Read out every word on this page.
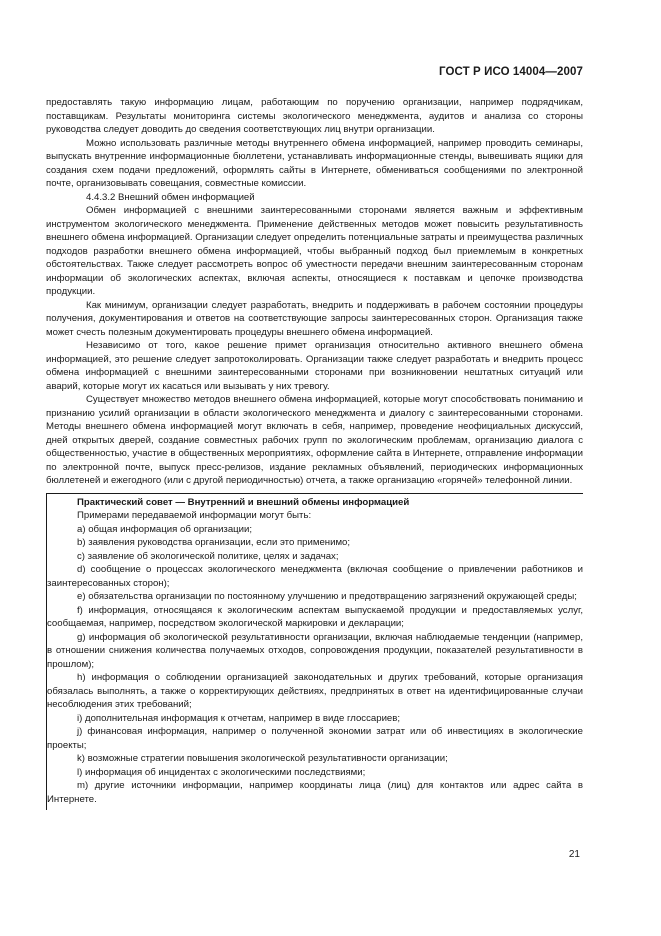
ГОСТ Р ИСО 14004—2007

предоставлять такую информацию лицам, работающим по поручению организации, например подрядчикам, поставщикам. Результаты мониторинга системы экологического менеджмента, аудитов и анализа со стороны руководства следует доводить до сведения соответствующих лиц внутри организации.

Можно использовать различные методы внутреннего обмена информацией, например проводить семинары, выпускать внутренние информационные бюллетени, устанавливать информационные стенды, вывешивать ящики для создания схем подачи предложений, оформлять сайты в Интернете, обмениваться сообщениями по электронной почте, организовывать совещания, совместные комиссии.

4.4.3.2 Внешний обмен информацией

Обмен информацией с внешними заинтересованными сторонами является важным и эффективным инструментом экологического менеджмента. Применение действенных методов может повысить результативность внешнего обмена информацией. Организации следует определить потенциальные затраты и преимущества различных подходов разработки внешнего обмена информацией, чтобы выбранный подход был приемлемым в конкретных обстоятельствах. Также следует рассмотреть вопрос об уместности передачи внешним заинтересованным сторонам информации об экологических аспектах, включая аспекты, относящиеся к поставкам и цепочке производства продукции.

Как минимум, организации следует разработать, внедрить и поддерживать в рабочем состоянии процедуры получения, документирования и ответов на соответствующие запросы заинтересованных сторон. Организация также может счесть полезным документировать процедуры внешнего обмена информацией.

Независимо от того, какое решение примет организация относительно активного внешнего обмена информацией, это решение следует запротоколировать. Организации также следует разработать и внедрить процесс обмена информацией с внешними заинтересованными сторонами при возникновении нештатных ситуаций или аварий, которые могут их касаться или вызывать у них тревогу.

Существует множество методов внешнего обмена информацией, которые могут способствовать пониманию и признанию усилий организации в области экологического менеджмента и диалогу с заинтересованными сторонами. Методы внешнего обмена информацией могут включать в себя, например, проведение неофициальных дискуссий, дней открытых дверей, создание совместных рабочих групп по экологическим проблемам, организацию диалога с общественностью, участие в общественных мероприятиях, оформление сайта в Интернете, отправление информации по электронной почте, выпуск пресс-релизов, издание рекламных объявлений, периодических информационных бюллетеней и ежегодного (или с другой периодичностью) отчета, а также организацию «горячей» телефонной линии.

Практический совет — Внутренний и внешний обмены информацией

Примерами передаваемой информации могут быть:

a) общая информация об организации;

b) заявления руководства организации, если это применимо;

c) заявление об экологической политике, целях и задачах;

d) сообщение о процессах экологического менеджмента (включая сообщение о привлечении работников и заинтересованных сторон);

e) обязательства организации по постоянному улучшению и предотвращению загрязнений окружающей среды;

f) информация, относящаяся к экологическим аспектам выпускаемой продукции и предоставляемых услуг, сообщаемая, например, посредством экологической маркировки и декларации;

g) информация об экологической результативности организации, включая наблюдаемые тенденции (например, в отношении снижения количества получаемых отходов, сопровождения продукции, показателей результативности в прошлом);

h) информация о соблюдении организацией законодательных и других требований, которые организация обязалась выполнять, а также о корректирующих действиях, предпринятых в ответ на идентифицированные случаи несоблюдения этих требований;

i) дополнительная информация к отчетам, например в виде глоссариев;

j) финансовая информация, например о полученной экономии затрат или об инвестициях в экологические проекты;

k) возможные стратегии повышения экологической результативности организации;

l) информация об инцидентах с экологическими последствиями;

m) другие источники информации, например координаты лица (лиц) для контактов или адрес сайта в Интернете.

21
